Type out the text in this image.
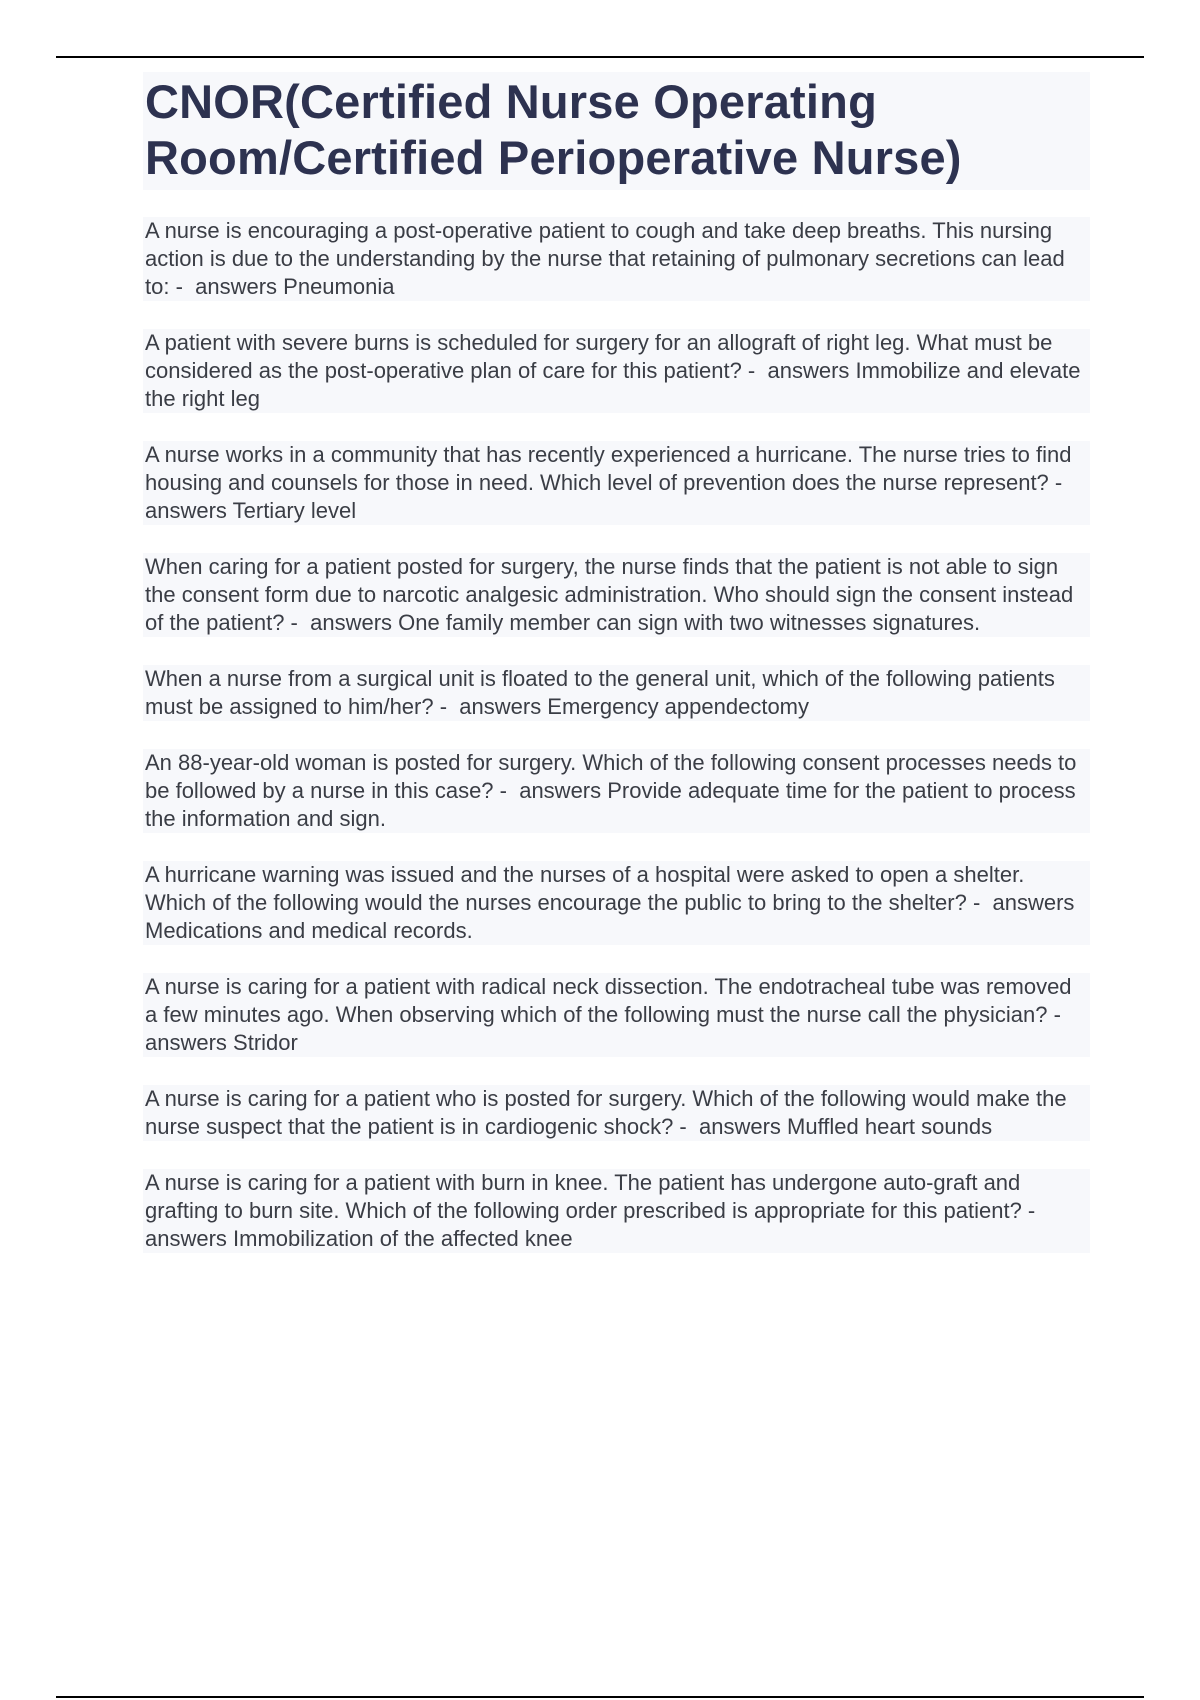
CNOR(Certified Nurse Operating Room/Certified Perioperative Nurse)
A nurse is encouraging a post-operative patient to cough and take deep breaths. This nursing action is due to the understanding by the nurse that retaining of pulmonary secretions can lead to: -  answers Pneumonia
A patient with severe burns is scheduled for surgery for an allograft of right leg. What must be considered as the post-operative plan of care for this patient? -  answers Immobilize and elevate the right leg
A nurse works in a community that has recently experienced a hurricane. The nurse tries to find housing and counsels for those in need. Which level of prevention does the nurse represent? -  answers Tertiary level
When caring for a patient posted for surgery, the nurse finds that the patient is not able to sign the consent form due to narcotic analgesic administration. Who should sign the consent instead of the patient? -  answers One family member can sign with two witnesses signatures.
When a nurse from a surgical unit is floated to the general unit, which of the following patients must be assigned to him/her? -  answers Emergency appendectomy
An 88-year-old woman is posted for surgery. Which of the following consent processes needs to be followed by a nurse in this case? -  answers Provide adequate time for the patient to process the information and sign.
A hurricane warning was issued and the nurses of a hospital were asked to open a shelter. Which of the following would the nurses encourage the public to bring to the shelter? -  answers Medications and medical records.
A nurse is caring for a patient with radical neck dissection. The endotracheal tube was removed a few minutes ago. When observing which of the following must the nurse call the physician? -  answers Stridor
A nurse is caring for a patient who is posted for surgery. Which of the following would make the nurse suspect that the patient is in cardiogenic shock? -  answers Muffled heart sounds
A nurse is caring for a patient with burn in knee. The patient has undergone auto-graft and grafting to burn site. Which of the following order prescribed is appropriate for this patient? -  answers Immobilization of the affected knee
